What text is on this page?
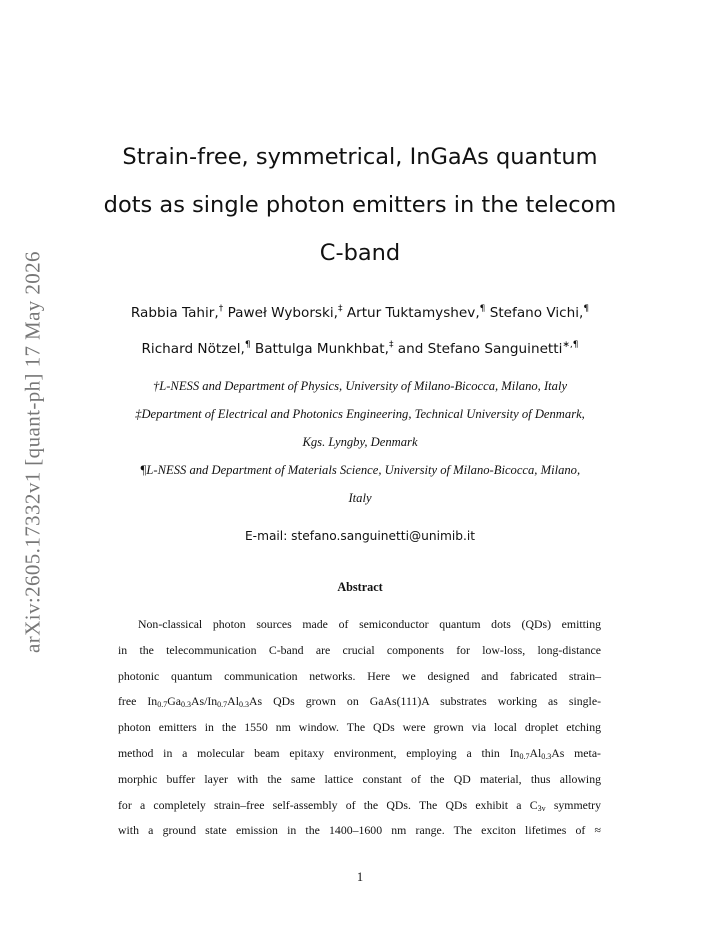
arXiv:2605.17332v1 [quant-ph] 17 May 2026
Strain-free, symmetrical, InGaAs quantum
dots as single photon emitters in the telecom
C-band
Rabbia Tahir,† Paweł Wyborski,‡ Artur Tuktamyshev,¶ Stefano Vichi,¶
Richard Nötzel,¶ Battulga Munkhbat,‡ and Stefano Sanguinetti∗,¶
†L-NESS and Department of Physics, University of Milano-Bicocca, Milano, Italy
‡Department of Electrical and Photonics Engineering, Technical University of Denmark,
Kgs. Lyngby, Denmark
¶L-NESS and Department of Materials Science, University of Milano-Bicocca, Milano,
Italy
E-mail: stefano.sanguinetti@unimib.it
Abstract
Non-classical photon sources made of semiconductor quantum dots (QDs) emitting
in the telecommunication C-band are crucial components for low-loss, long-distance
photonic quantum communication networks. Here we designed and fabricated strain–
free $In_{0.7}Ga_{0.3}As/In_{0.7}Al_{0.3}As$ QDs grown on GaAs(111)A substrates working as single-
photon emitters in the 1550 nm window. The QDs were grown via local droplet etching
method in a molecular beam epitaxy environment, employing a thin $In_{0.7}Al_{0.3}As$ meta-
morphic buffer layer with the same lattice constant of the QD material, thus allowing
for a completely strain–free self-assembly of the QDs. The QDs exhibit a $C_{3v}$ symmetry
with a ground state emission in the 1400–1600 nm range. The exciton lifetimes of ≈
1
